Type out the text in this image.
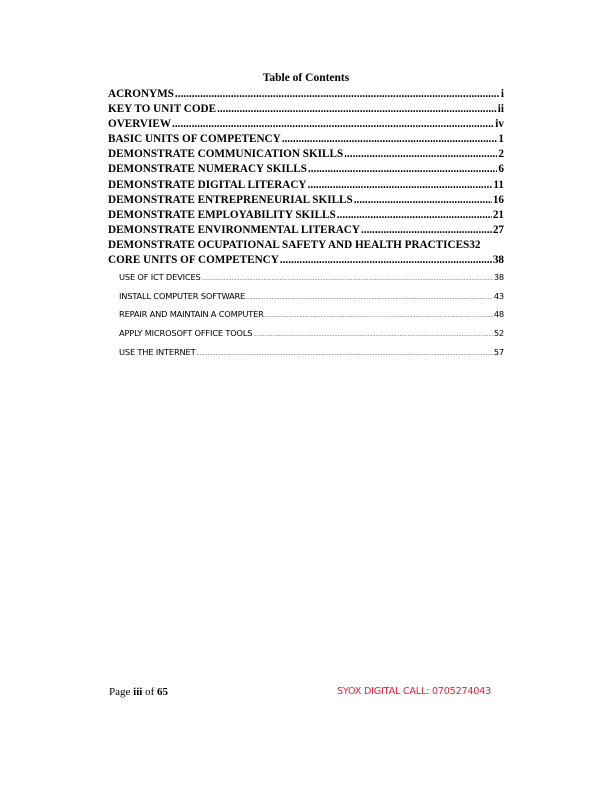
Table of Contents
ACRONYMS .....	i
KEY TO UNIT CODE .....	ii
OVERVIEW .....	iv
BASIC UNITS OF COMPETENCY .....	1
DEMONSTRATE COMMUNICATION SKILLS .....	2
DEMONSTRATE NUMERACY SKILLS .....	6
DEMONSTRATE DIGITAL LITERACY .....	11
DEMONSTRATE ENTREPRENEURIAL SKILLS .....	16
DEMONSTRATE EMPLOYABILITY SKILLS .....	21
DEMONSTRATE ENVIRONMENTAL LITERACY .....	27
DEMONSTRATE OCUPATIONAL SAFETY AND HEALTH PRACTICES 32
CORE UNITS OF COMPETENCY .....	38
USE OF ICT DEVICES .....	38
INSTALL COMPUTER SOFTWARE .....	43
REPAIR AND MAINTAIN A COMPUTER .....	48
APPLY MICROSOFT OFFICE TOOLS .....	52
USE THE INTERNET .....	57
Page iii of 65	SYOX DIGITAL CALL: 0705274043
